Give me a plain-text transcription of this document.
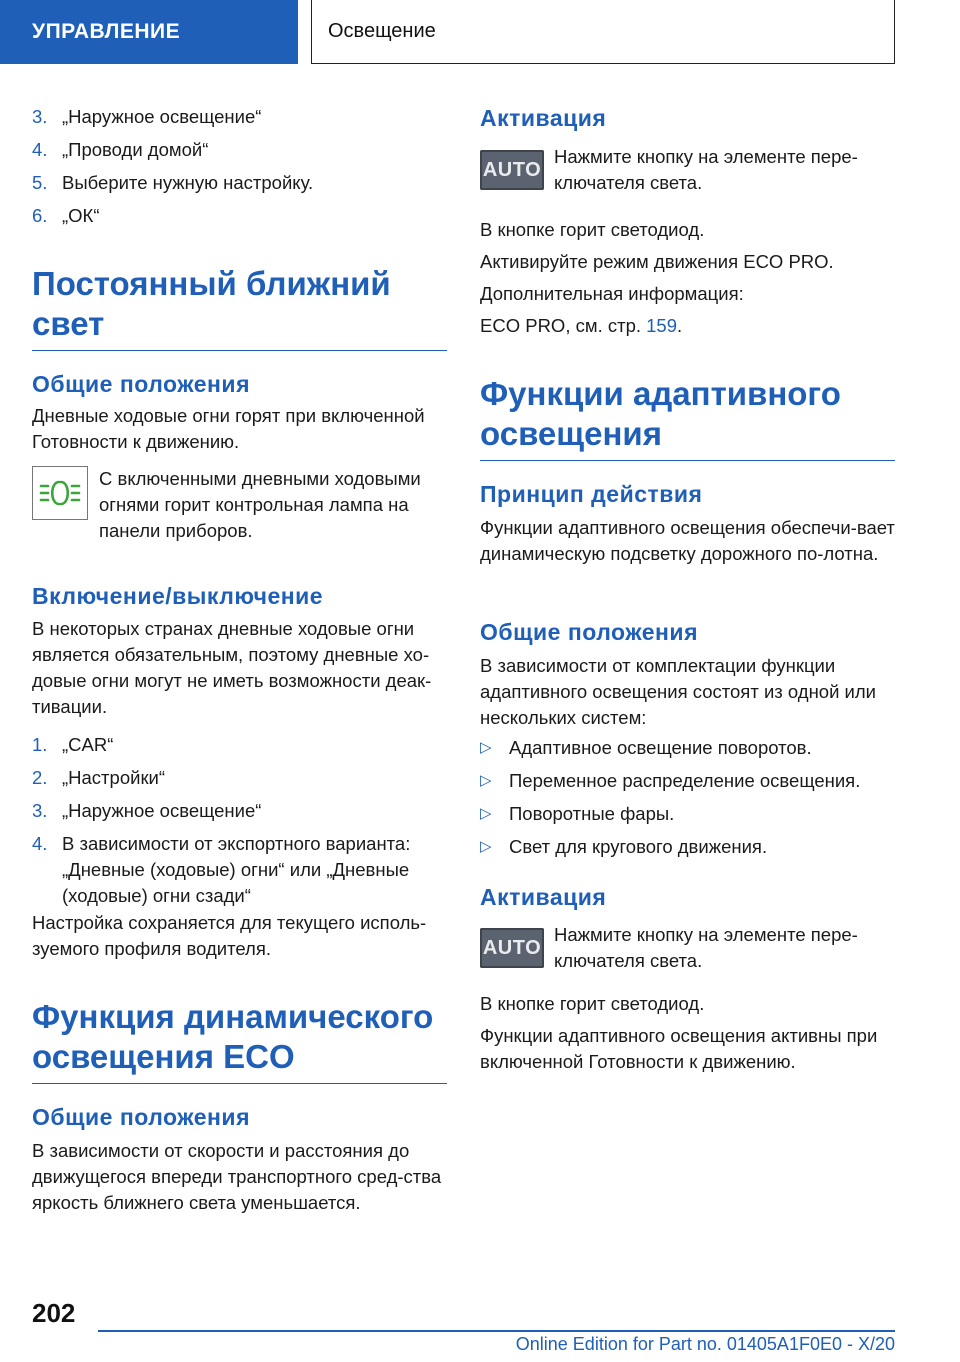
УПРАВЛЕНИЕ	Освещение
3. „Наружное освещение“
4. „Проводи домой“
5. Выберите нужную настройку.
6. „ОК“
Постоянный ближний свет
Общие положения

Дневные ходовые огни горят при включенной Готовности к движению.

С включенными дневными ходовыми огнями горит контрольная лампа на панели приборов.

Включение/выключение

В некоторых странах дневные ходовые огни является обязательным, поэтому дневные хо-довые огни могут не иметь возможности деак-тивации.

1. „CAR“
2. „Настройки“
3. „Наружное освещение“
4. В зависимости от экспортного варианта: „Дневные (ходовые) огни“ или „Дневные (ходовые) огни сзади“

Настройка сохраняется для текущего исполь-зуемого профиля водителя.

Функция динамического освещения ECO
Общие положения

В зависимости от скорости и расстояния до движущегося впереди транспортного сред-ства яркость ближнего света уменьшается.

Активация
AUTO

Нажмите кнопку на элементе пере-ключателя света.

В кнопке горит светодиод.

Активируйте режим движения ECO PRO.

Дополнительная информация:

ECO PRO, см. стр. 159.

Функции адаптивного освещения
Принцип действия

Функции адаптивного освещения обеспечи-вает динамическую подсветку дорожного по-лотна.

Общие положения

В зависимости от комплектации функции адаптивного освещения состоят из одной или нескольких систем:

▷ Адаптивное освещение поворотов.
▷ Переменное распределение освещения.
▷ Поворотные фары.
▷ Свет для кругового движения.
Активация
AUTO

Нажмите кнопку на элементе пере-ключателя света.

В кнопке горит светодиод.

Функции адаптивного освещения активны при включенной Готовности к движению.

202
Online Edition for Part no. 01405A1F0E0 - X/20
